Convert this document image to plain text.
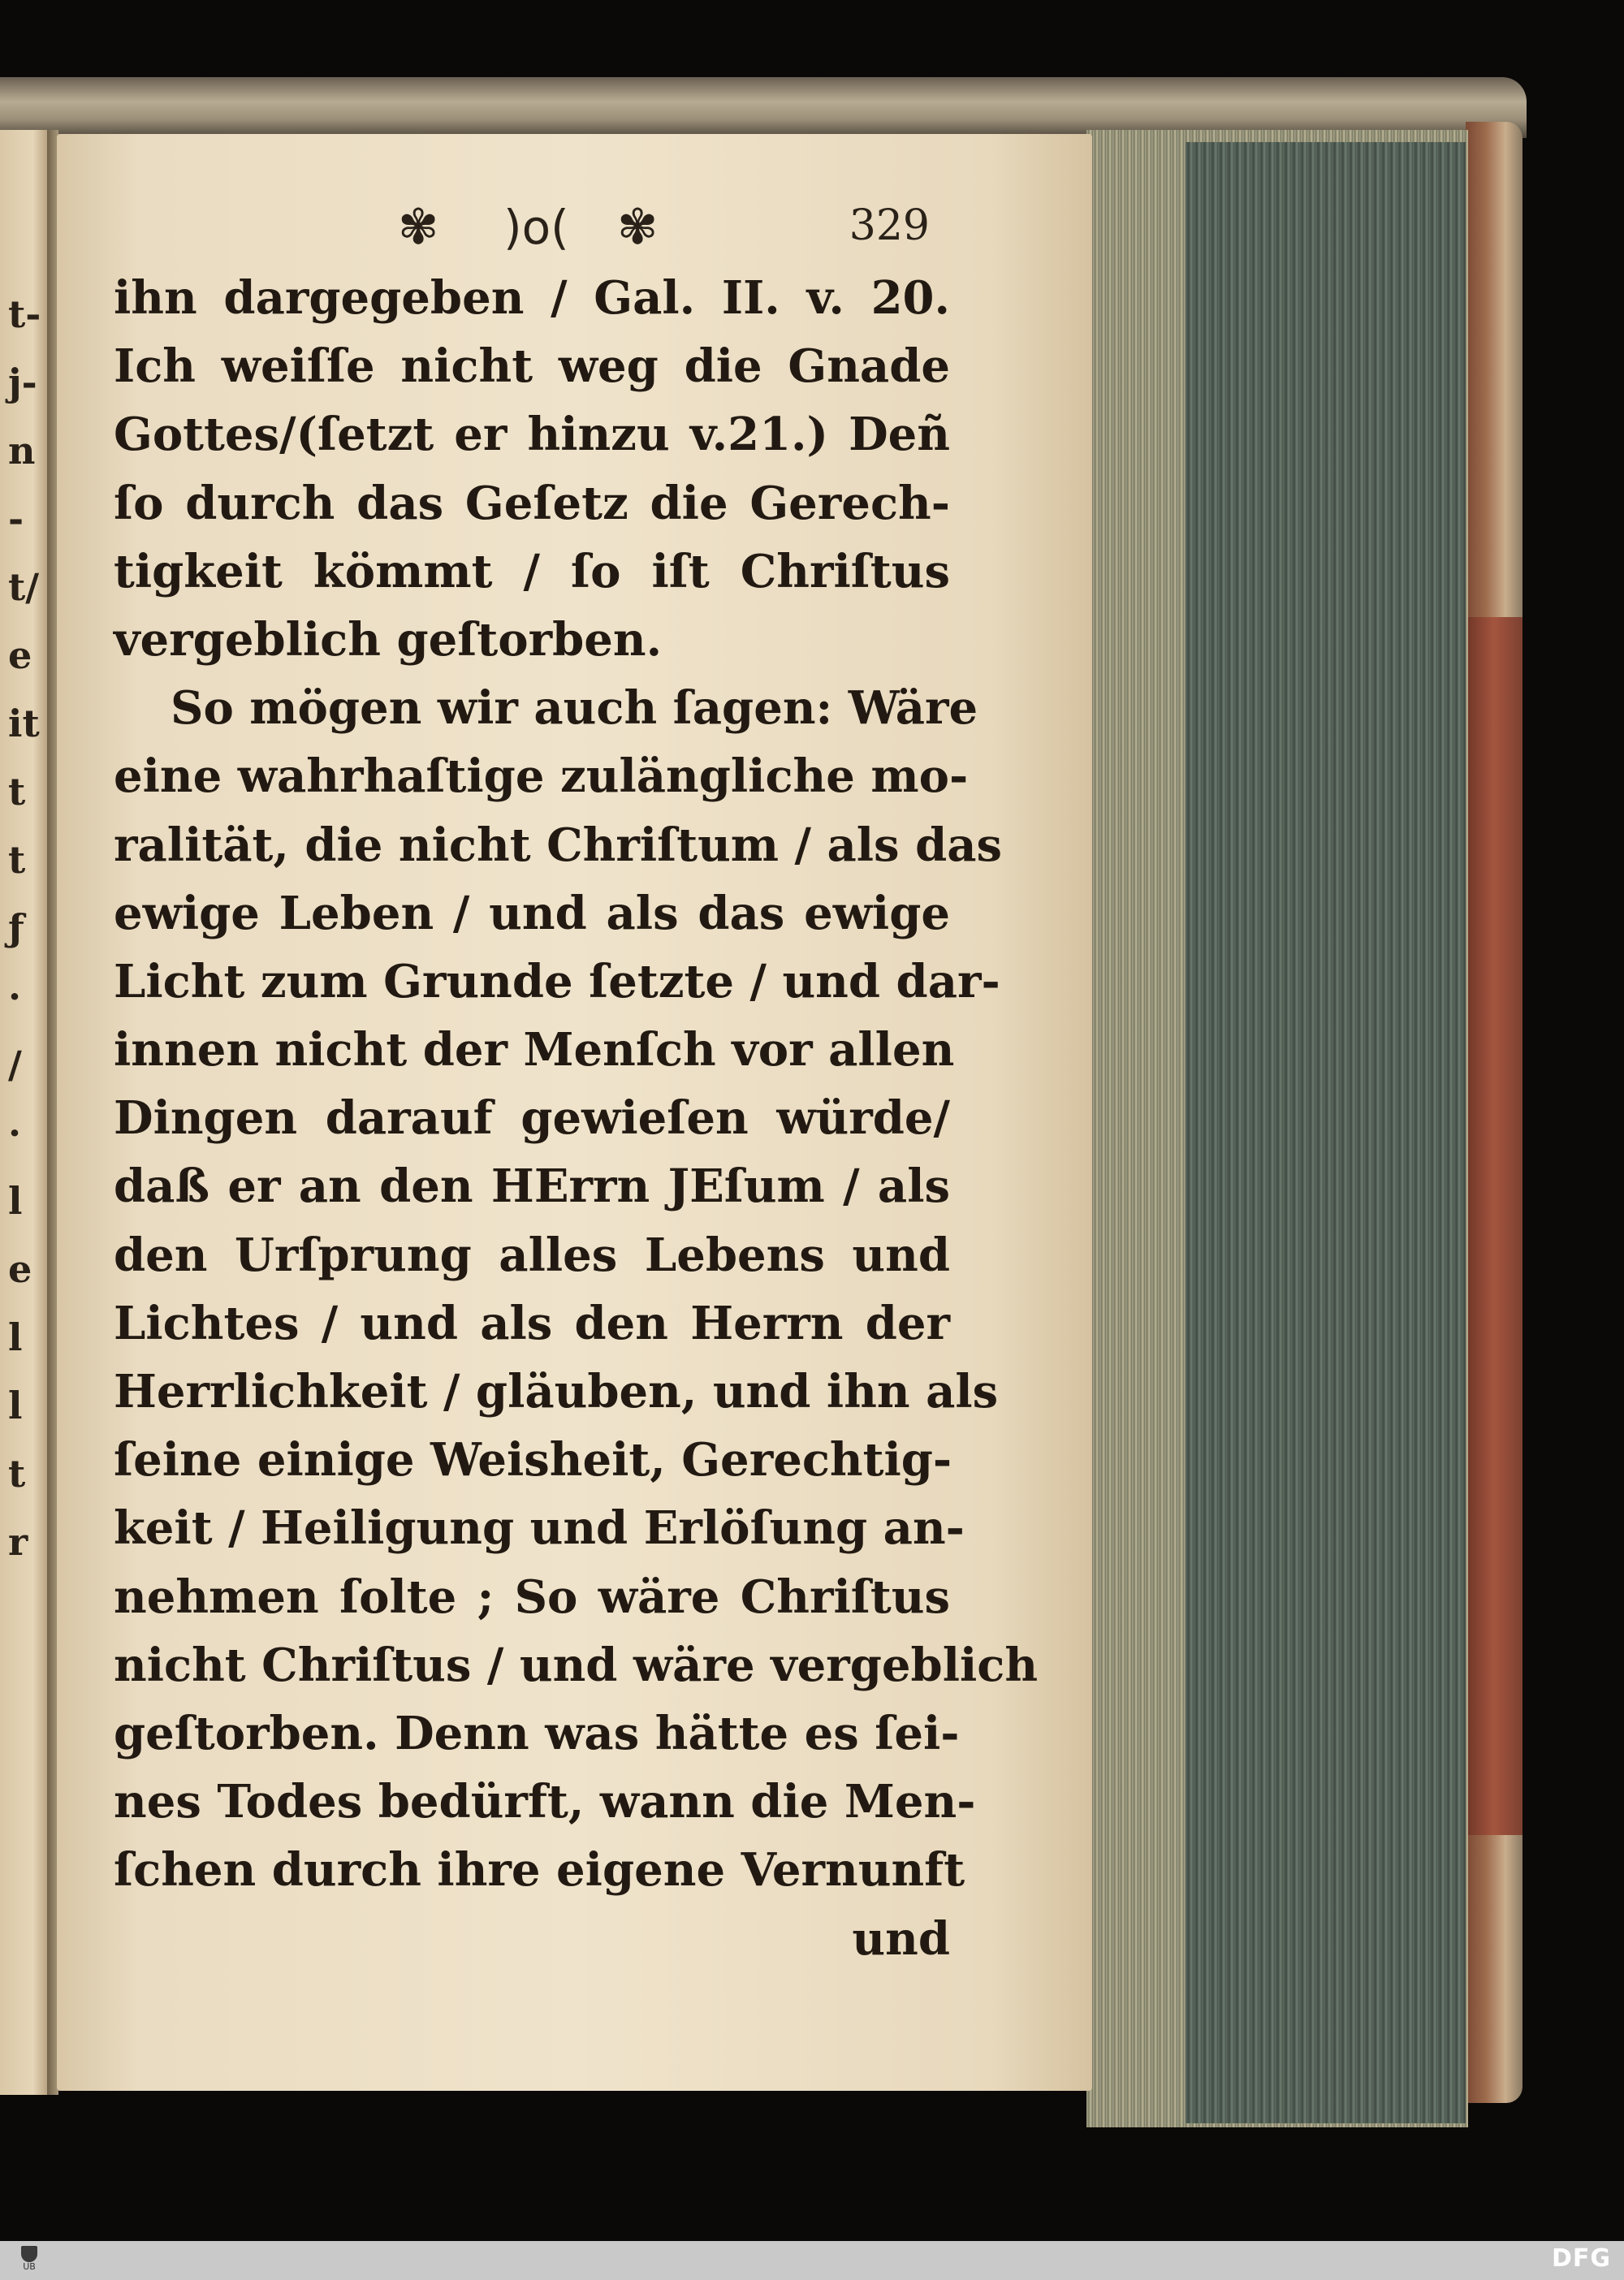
t-
j-
n
-
t/
e
it
t
t
ƒ
·
/
·
l
e
l
l
t
r
✾ )o( ✾	329
ihn dargegeben / Gal. II. v. 20.
Ich weiſſe nicht weg die Gnade
Gottes/(ſetzt er hinzu v.21.) Deñ
ſo durch das Geſetz die Gerech-
tigkeit kömmt / ſo iſt Chriſtus
vergeblich geſtorben.
So mögen wir auch ſagen: Wäre
eine wahrhaſtige zulängliche mo-
ralität, die nicht Chriſtum / als das
ewige Leben / und als das ewige
Licht zum Grunde ſetzte / und dar-
innen nicht der Menſch vor allen
Dingen darauf gewieſen würde/
daß er an den HErrn JEſum / als
den Urſprung alles Lebens und
Lichtes / und als den Herrn der
Herrlichkeit / gläuben, und ihn als
ſeine einige Weisheit, Gerechtig-
keit / Heiligung und Erlöſung an-
nehmen ſolte ; So wäre Chriſtus
nicht Chriſtus / und wäre vergeblich
geſtorben. Denn was hätte es ſei-
nes Todes bedürft, wann die Men-
ſchen durch ihre eigene Vernunft
und
UB	DFG
